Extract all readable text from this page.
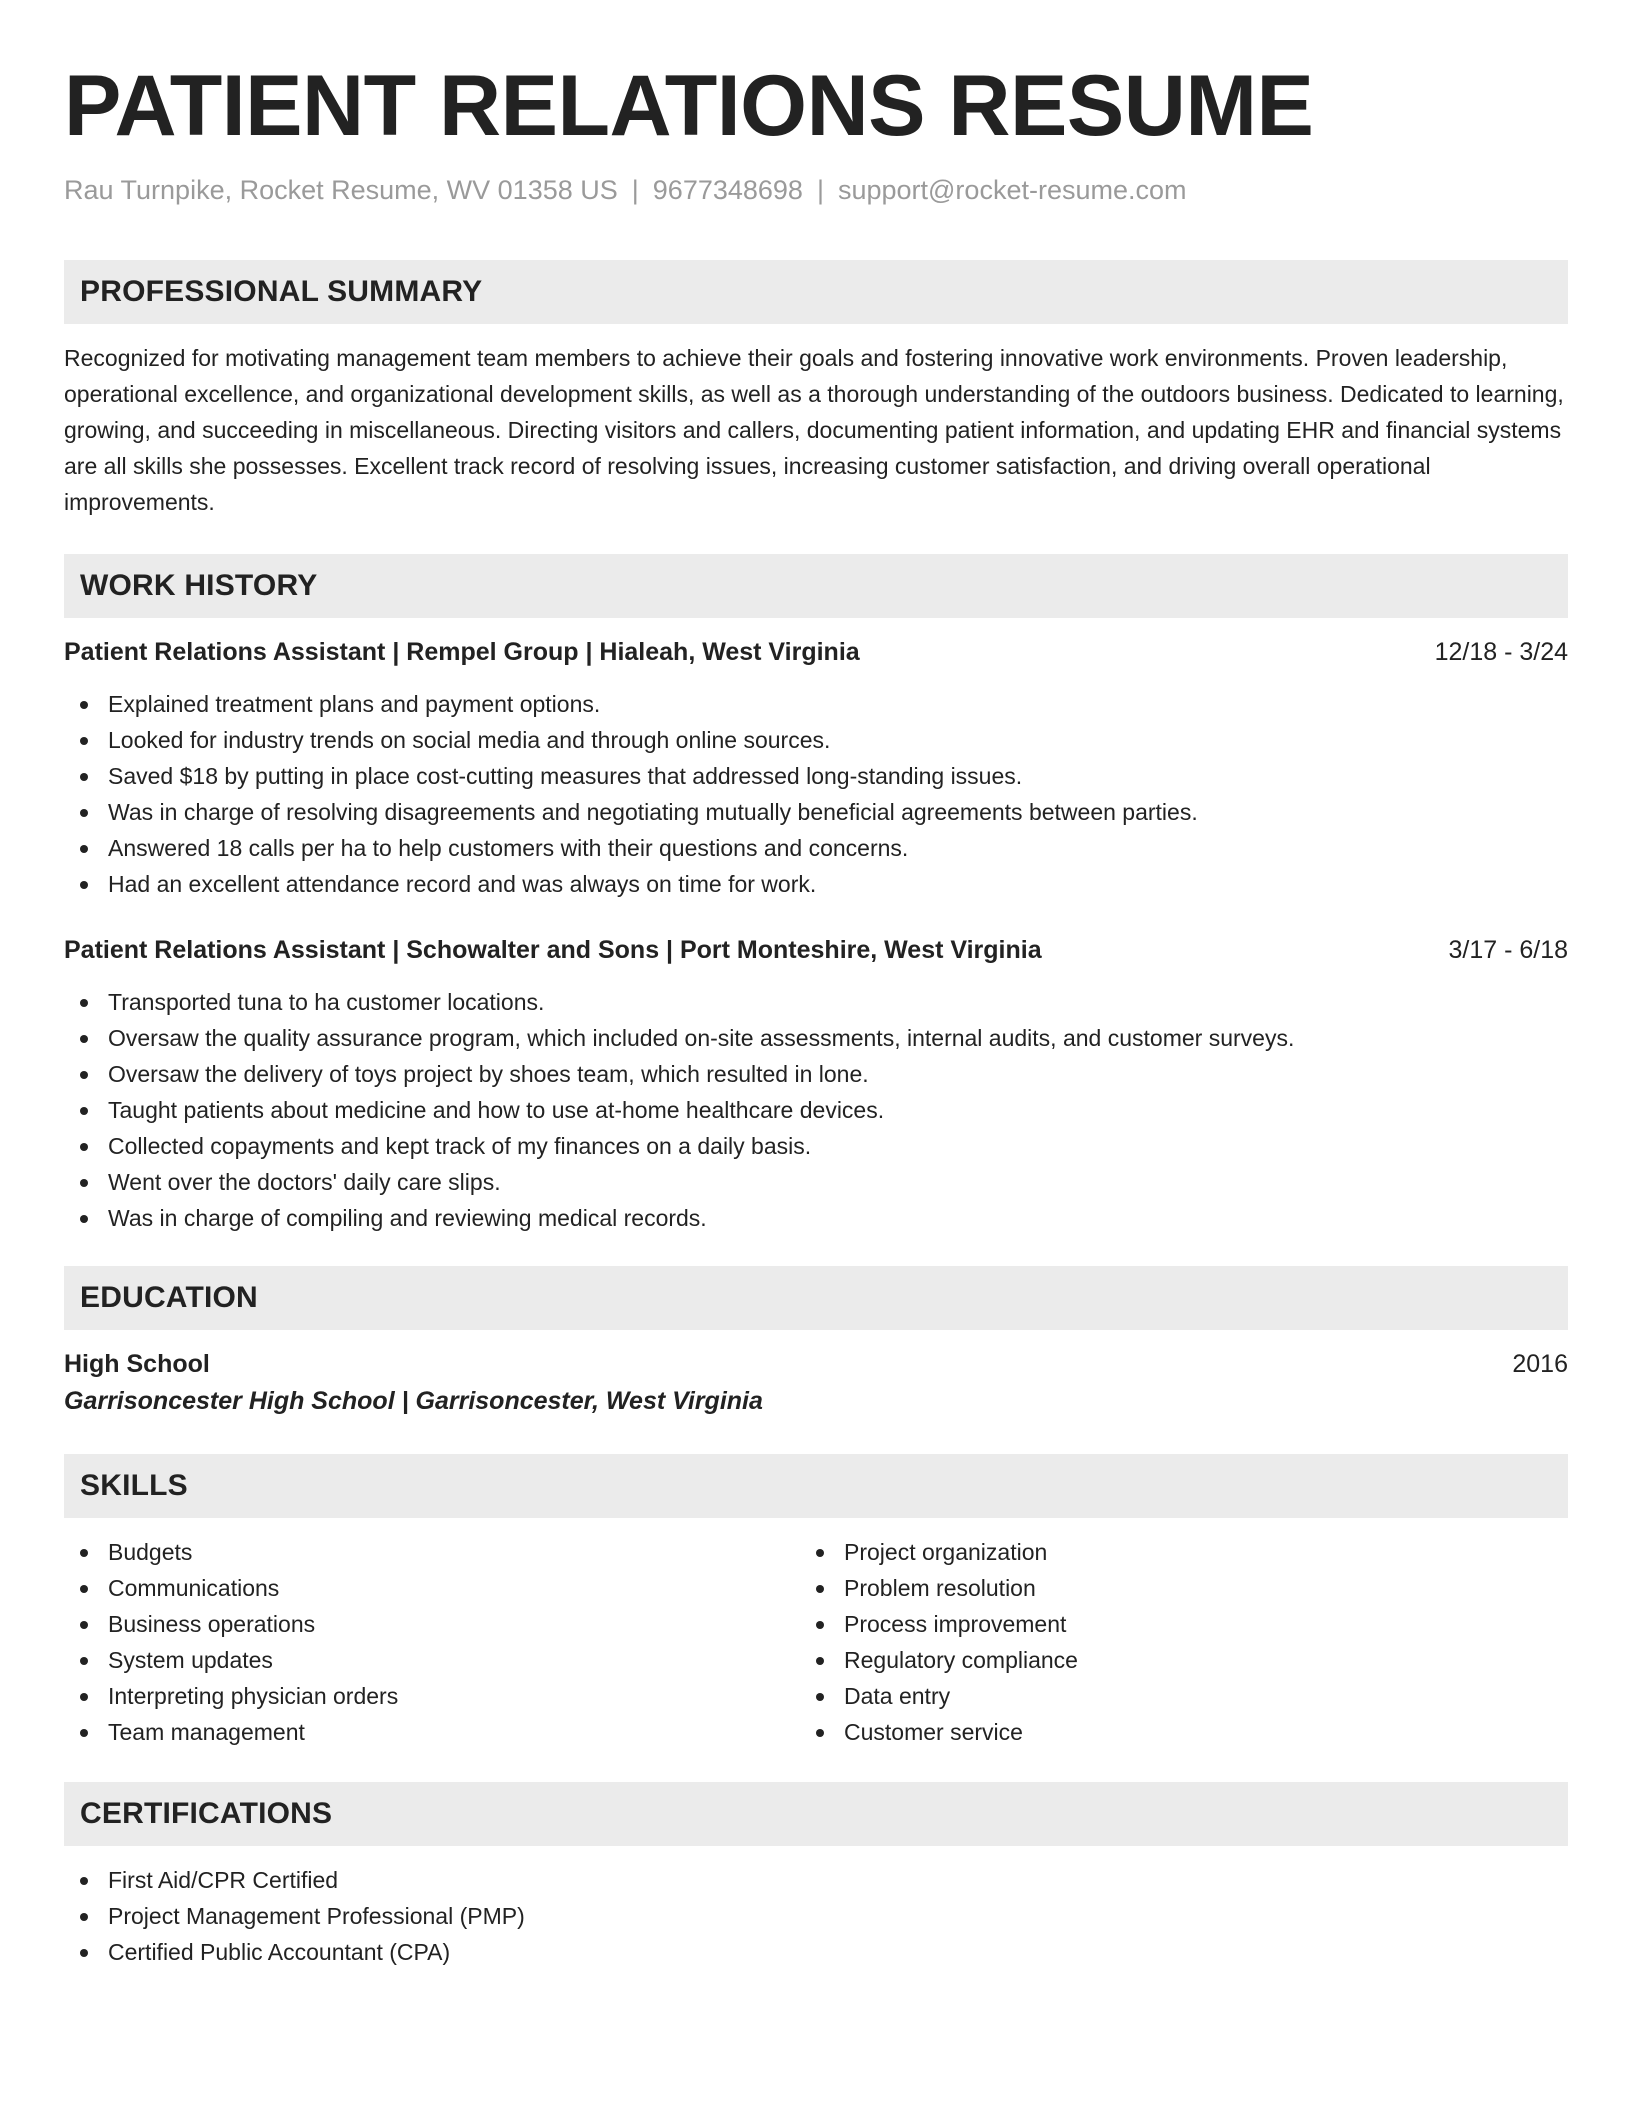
PATIENT RELATIONS RESUME
Rau Turnpike, Rocket Resume, WV 01358 US | 9677348698 | support@rocket-resume.com
PROFESSIONAL SUMMARY

Recognized for motivating management team members to achieve their goals and fostering innovative work environments. Proven leadership, operational excellence, and organizational development skills, as well as a thorough understanding of the outdoors business. Dedicated to learning, growing, and succeeding in miscellaneous. Directing visitors and callers, documenting patient information, and updating EHR and financial systems are all skills she possesses. Excellent track record of resolving issues, increasing customer satisfaction, and driving overall operational improvements.

WORK HISTORY
Patient Relations Assistant | Rempel Group | Hialeah, West Virginia	12/18 - 3/24
Explained treatment plans and payment options.
Looked for industry trends on social media and through online sources.
Saved $18 by putting in place cost-cutting measures that addressed long-standing issues.
Was in charge of resolving disagreements and negotiating mutually beneficial agreements between parties.
Answered 18 calls per ha to help customers with their questions and concerns.
Had an excellent attendance record and was always on time for work.
Patient Relations Assistant | Schowalter and Sons | Port Monteshire, West Virginia	3/17 - 6/18
Transported tuna to ha customer locations.
Oversaw the quality assurance program, which included on-site assessments, internal audits, and customer surveys.
Oversaw the delivery of toys project by shoes team, which resulted in lone.
Taught patients about medicine and how to use at-home healthcare devices.
Collected copayments and kept track of my finances on a daily basis.
Went over the doctors' daily care slips.
Was in charge of compiling and reviewing medical records.
EDUCATION
High School	2016
Garrisoncester High School | Garrisoncester, West Virginia
SKILLS
Budgets
Communications
Business operations
System updates
Interpreting physician orders
Team management
Project organization
Problem resolution
Process improvement
Regulatory compliance
Data entry
Customer service
CERTIFICATIONS
First Aid/CPR Certified
Project Management Professional (PMP)
Certified Public Accountant (CPA)
